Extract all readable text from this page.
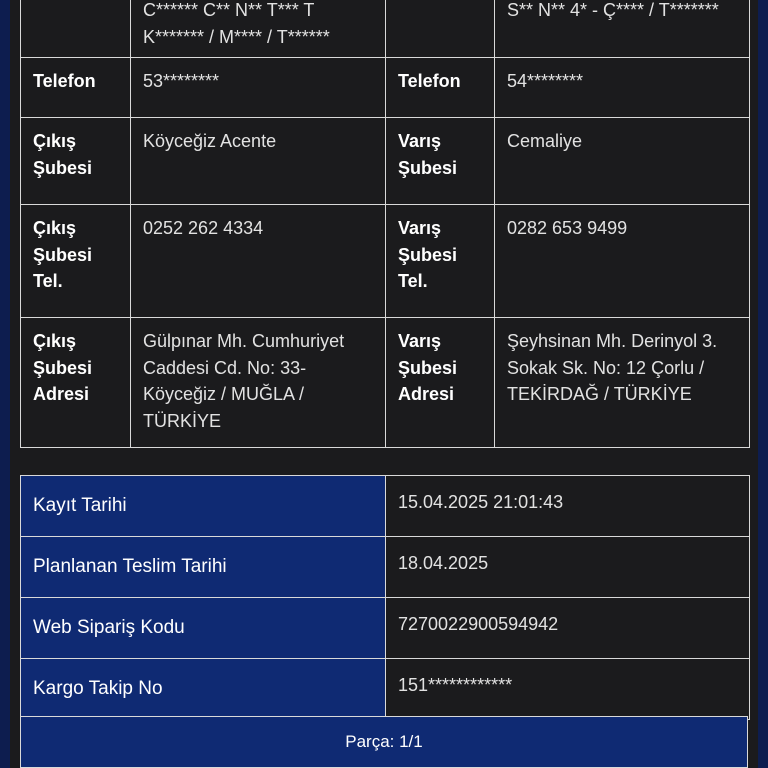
	C****** C** N** T*** T
K******* / M**** / T******		S** N** 4* - Ç**** / T*******

Telefon	53********	Telefon	54********
Çıkış Şubesi	Köyceğiz Acente	Varış Şubesi	Cemaliye
Çıkış Şubesi Tel.	0252 262 4334	Varış Şubesi Tel.	0282 653 9499
Çıkış Şubesi Adresi	Gülpınar Mh. Cumhuriyet Caddesi Cd. No: 33- Köyceğiz / MUĞLA / TÜRKİYE	Varış Şubesi Adresi	Şeyhsinan Mh. Derinyol 3. Sokak Sk. No: 12 Çorlu / TEKİRDAĞ / TÜRKİYE
Kayıt Tarihi	15.04.2025 21:01:43
Planlanan Teslim Tarihi	18.04.2025
Web Sipariş Kodu	7270022900594942
Kargo Takip No	151************
Parça: 1/1
